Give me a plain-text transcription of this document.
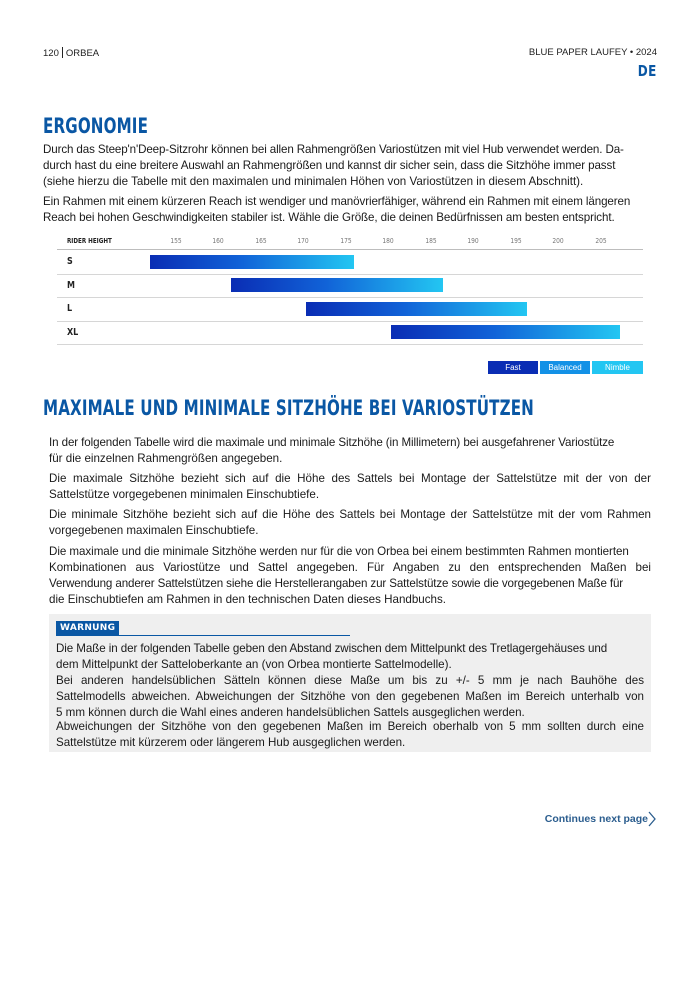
120 ORBEA	BLUE PAPER LAUFEY • 2024
DE
ERGONOMIE
Durch das Steep'n'Deep-Sitzrohr können bei allen Rahmengrößen Variostützen mit viel Hub verwendet werden. Da-
durch hast du eine breitere Auswahl an Rahmengrößen und kannst dir sicher sein, dass die Sitzhöhe immer passt
(siehe hierzu die Tabelle mit den maximalen und minimalen Höhen von Variostützen in diesem Abschnitt).
Ein Rahmen mit einem kürzeren Reach ist wendiger und manövrierfähiger, während ein Rahmen mit einem längeren
Reach bei hohen Geschwindigkeiten stabiler ist. Wähle die Größe, die deinen Bedürfnissen am besten entspricht.
RIDER HEIGHT	155	160	165	170	175	180	185	190	195	200	205
S
M
L
XL
Fast	Balanced	Nimble
MAXIMALE UND MINIMALE SITZHÖHE BEI VARIOSTÜTZEN
In der folgenden Tabelle wird die maximale und minimale Sitzhöhe (in Millimetern) bei ausgefahrener Variostütze
für die einzelnen Rahmengrößen angegeben.
Die maximale Sitzhöhe bezieht sich auf die Höhe des Sattels bei Montage der Sattelstütze mit der von der
Sattelstütze vorgegebenen minimalen Einschubtiefe.
Die minimale Sitzhöhe bezieht sich auf die Höhe des Sattels bei Montage der Sattelstütze mit der vom Rahmen
vorgegebenen maximalen Einschubtiefe.
Die maximale und die minimale Sitzhöhe werden nur für die von Orbea bei einem bestimmten Rahmen montierten
Kombinationen aus Variostütze und Sattel angegeben. Für Angaben zu den entsprechenden Maßen bei
Verwendung anderer Sattelstützen siehe die Herstellerangaben zur Sattelstütze sowie die vorgegebenen Maße für
die Einschubtiefen am Rahmen in den technischen Daten dieses Handbuchs.
WARNUNG
Die Maße in der folgenden Tabelle geben den Abstand zwischen dem Mittelpunkt des Tretlagergehäuses und
dem Mittelpunkt der Satteloberkante an (von Orbea montierte Sattelmodelle).
Bei anderen handelsüblichen Sätteln können diese Maße um bis zu +/- 5 mm je nach Bauhöhe des
Sattelmodells abweichen. Abweichungen der Sitzhöhe von den gegebenen Maßen im Bereich unterhalb von
5 mm können durch die Wahl eines anderen handelsüblichen Sattels ausgeglichen werden.
Abweichungen der Sitzhöhe von den gegebenen Maßen im Bereich oberhalb von 5 mm sollten durch eine
Sattelstütze mit kürzerem oder längerem Hub ausgeglichen werden.
Continues next page
